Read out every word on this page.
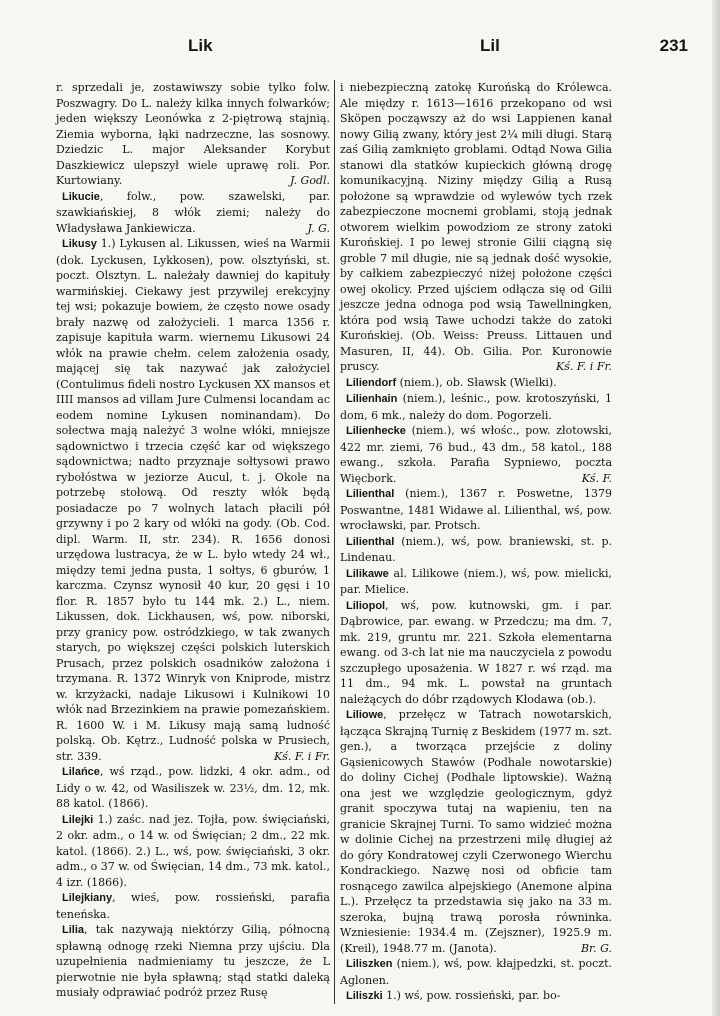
Lik	Lil	231

r. sprzedali je, zostawiwszy sobie tylko folw. Poszwagry. Do L. należy kilka innych folwarków; jeden większy Leonówka z 2-piętrową stajnią. Ziemia wyborna, łąki nadrzeczne, las sosnowy. Dziedzic L. major Aleksander Korybut Daszkiewicz ulepszył wiele uprawę roli. Por. Kurtowiany.	J. Godl.

Likucie, folw., pow. szawelski, par. szawkiańskiej, 8 włók ziemi; należy do Władysława Jankiewicza.	J. G.

Likusy 1.) Lykusen al. Likussen, wieś na Warmii (dok. Lyckusen, Lykkosen), pow. olsztyński, st. poczt. Olsztyn. L. należały dawniej do kapituły warmińskiej. Ciekawy jest przywilej erekcyjny tej wsi; pokazuje bowiem, że często nowe osady brały nazwę od założycieli. 1 marca 1356 r. zapisuje kapituła warm. wiernemu Likusowi 24 włók na prawie chełm. celem założenia osady, mającej się tak nazywać jak założyciel (Contulimus fideli nostro Lyckusen XX mansos et IIII mansos ad villam Jure Culmensi locandam ac eodem nomine Lykusen nominandam). Do sołectwa mają należyć 3 wolne włóki, mniejsze sądownictwo i trzecia część kar od większego sądownictwa; nadto przyznaje sołtysowi prawo rybołóstwa w jeziorze Aucul, t. j. Okole na potrzebę stołową. Od reszty włók będą posiadacze po 7 wolnych latach płacili pół grzywny i po 2 kary od włóki na gody. (Ob. Cod. dipl. Warm. II, str. 234). R. 1656 donosi urzędowa lustracya, że w L. było wtedy 24 wł., między temi jedna pusta, 1 sołtys, 6 gburów, 1 karczma. Czynsz wynosił 40 kur, 20 gęsi i 10 flor. R. 1857 było tu 144 mk. 2.) L., niem. Likussen, dok. Lickhausen, wś, pow. niborski, przy granicy pow. ostródzkiego, w tak zwanych starych, po większej części polskich luterskich Prusach, przez polskich osadników założona i trzymana. R. 1372 Winryk von Kniprode, mistrz w. krzyżacki, nadaje Likusowi i Kulnikowi 10 włók nad Brzezinkiem na prawie pomezańskiem. R. 1600 W. i M. Likusy mają samą ludność polską. Ob. Kętrz., Ludność polska w Prusiech, str. 339.	Kś. F. i Fr.

Lilańce, wś rząd., pow. lidzki, 4 okr. adm., od Lidy o w. 42, od Wasiliszek w. 23½, dm. 12, mk. 88 katol. (1866).

Lilejki 1.) zaśc. nad jez. Tojła, pow. święciański, 2 okr. adm., o 14 w. od Święcian; 2 dm., 22 mk. katol. (1866). 2.) L., wś, pow. święciański, 3 okr. adm., o 37 w. od Święcian, 14 dm., 73 mk. katol., 4 izr. (1866).

Lilejkiany, wieś, pow. rossieński, parafia teneńska.

Lilia, tak nazywają niektórzy Gilią, północną spławną odnogę rzeki Niemna przy ujściu. Dla uzupełnienia nadmieniamy tu jeszcze, że L pierwotnie nie była spławną; stąd statki daleką musiały odprawiać podróż przez Rusę

i niebezpieczną zatokę Kurońską do Królewca. Ale między r. 1613—1616 przekopano od wsi Sköpen począwszy aż do wsi Lappienen kanał nowy Gilią zwany, który jest 2¼ mili długi. Starą zaś Gilią zamknięto groblami. Odtąd Nowa Gilia stanowi dla statków kupieckich główną drogę komunikacyjną. Niziny między Gilią a Rusą położone są wprawdzie od wylewów tych rzek zabezpieczone mocnemi groblami, stoją jednak otworem wielkim powodziom ze strony zatoki Kurońskiej. I po lewej stronie Gilii ciągną się groble 7 mil długie, nie są jednak dość wysokie, by całkiem zabezpieczyć niżej położone części owej okolicy. Przed ujściem odłącza się od Gilii jeszcze jedna odnoga pod wsią Tawellningken, która pod wsią Tawe uchodzi także do zatoki Kurońskiej. (Ob. Weiss: Preuss. Littauen und Masuren, II, 44). Ob. Gilia. Por. Kuronowie pruscy.	Kś. F. i Fr.

Liliendorf (niem.), ob. Sławsk (Wielki).

Lilienhain (niem.), leśnic., pow. krotoszyński, 1 dom, 6 mk., należy do dom. Pogorzeli.

Lilienhecke (niem.), wś włośc., pow. złotowski, 422 mr. ziemi, 76 bud., 43 dm., 58 katol., 188 ewang., szkoła. Parafia Sypniewo, poczta Więcbork.	Kś. F.

Lilienthal (niem.), 1367 r. Poswetne, 1379 Poswantne, 1481 Widawe al. Lilienthal, wś, pow. wrocławski, par. Protsch.

Lilienthal (niem.), wś, pow. braniewski, st. p. Lindenau.

Lilikawe al. Lilikowe (niem.), wś, pow. mielicki, par. Mielice.

Liliopol, wś, pow. kutnowski, gm. i par. Dąbrowice, par. ewang. w Przedczu; ma dm. 7, mk. 219, gruntu mr. 221. Szkoła elementarna ewang. od 3-ch lat nie ma nauczyciela z powodu szczupłego uposażenia. W 1827 r. wś rząd. ma 11 dm., 94 mk. L. powstał na gruntach należących do dóbr rządowych Kłodawa (ob.).

Liliowe, przełęcz w Tatrach nowotarskich, łącząca Skrajną Turnię z Beskidem (1977 m. szt. gen.), a tworząca przejście z doliny Gąsienicowych Stawów (Podhale nowotarskie) do doliny Cichej (Podhale liptowskie). Ważną ona jest we względzie geologicznym, gdyż granit spoczywa tutaj na wapieniu, ten na granicie Skrajnej Turni. To samo widzieć można w dolinie Cichej na przestrzeni milę długiej aż do góry Kondratowej czyli Czerwonego Wierchu Kondrackiego. Nazwę nosi od obficie tam rosnącego zawilca alpejskiego (Anemone alpina L.). Przełęcz ta przedstawia się jako na 33 m. szeroka, bujną trawą porosła równinka. Wzniesienie: 1934.4 m. (Zejszner), 1925.9 m. (Kreil), 1948.77 m. (Janota).	Br. G.

Liliszken (niem.), wś, pow. kłajpedzki, st. poczt. Aglonen.

Liliszki 1.) wś, pow. rossieński, par. bo-
